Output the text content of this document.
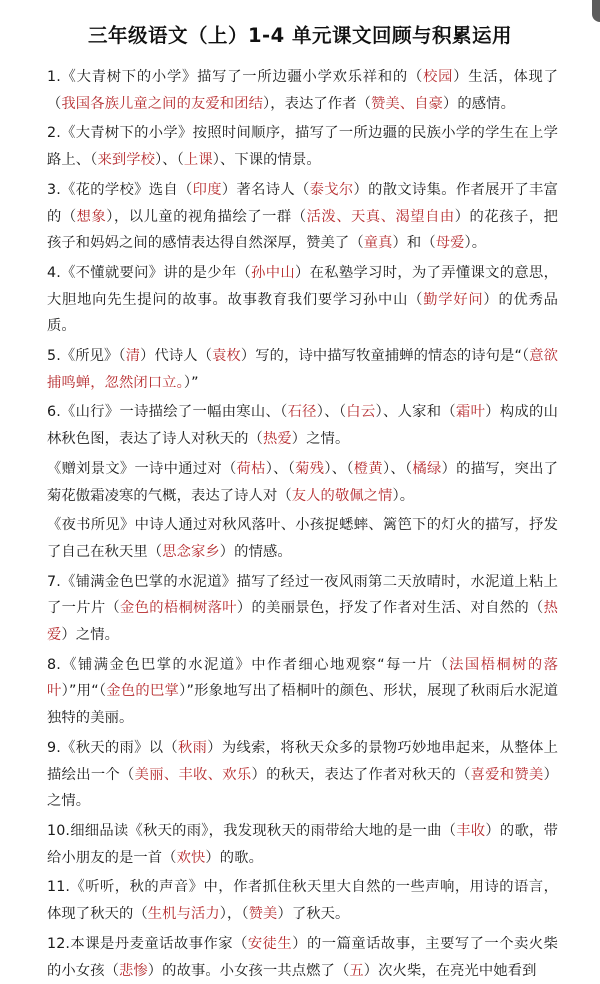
三年级语文（上）1-4 单元课文回顾与积累运用

1.《大青树下的小学》描写了一所边疆小学欢乐祥和的（校园）生活，体现了（我国各族儿童之间的友爱和团结），表达了作者（赞美、自豪）的感情。

2.《大青树下的小学》按照时间顺序，描写了一所边疆的民族小学的学生在上学路上、（来到学校）、（上课）、下课的情景。

3.《花的学校》选自（印度）著名诗人（泰戈尔）的散文诗集。作者展开了丰富的（想象），以儿童的视角描绘了一群（活泼、天真、渴望自由）的花孩子，把孩子和妈妈之间的感情表达得自然深厚，赞美了（童真）和（母爱）。

4.《不懂就要问》讲的是少年（孙中山）在私塾学习时，为了弄懂课文的意思，大胆地向先生提问的故事。故事教育我们要学习孙中山（勤学好问）的优秀品质。

5.《所见》（清）代诗人（袁枚）写的，诗中描写牧童捕蝉的情态的诗句是“（意欲捕鸣蝉，忽然闭口立。）”

6.《山行》一诗描绘了一幅由寒山、（石径）、（白云）、人家和（霜叶）构成的山林秋色图，表达了诗人对秋天的（热爱）之情。

《赠刘景文》一诗中通过对（荷枯）、（菊残）、（橙黄）、（橘绿）的描写，突出了菊花傲霜凌寒的气概，表达了诗人对（友人的敬佩之情）。

《夜书所见》中诗人通过对秋风落叶、小孩捉蟋蟀、篱笆下的灯火的描写，抒发了自己在秋天里（思念家乡）的情感。

7.《铺满金色巴掌的水泥道》描写了经过一夜风雨第二天放晴时，水泥道上粘上了一片片（金色的梧桐树落叶）的美丽景色，抒发了作者对生活、对自然的（热爱）之情。

8.《铺满金色巴掌的水泥道》中作者细心地观察“每一片（法国梧桐树的落叶）”用“（金色的巴掌）”形象地写出了梧桐叶的颜色、形状，展现了秋雨后水泥道独特的美丽。

9.《秋天的雨》以（秋雨）为线索，将秋天众多的景物巧妙地串起来，从整体上描绘出一个（美丽、丰收、欢乐）的秋天，表达了作者对秋天的（喜爱和赞美）之情。

10.细细品读《秋天的雨》，我发现秋天的雨带给大地的是一曲（丰收）的歌，带给小朋友的是一首（欢快）的歌。

11.《听听，秋的声音》中，作者抓住秋天里大自然的一些声响，用诗的语言，体现了秋天的（生机与活力），（赞美）了秋天。

12.本课是丹麦童话故事作家（安徒生）的一篇童话故事，主要写了一个卖火柴的小女孩（悲惨）的故事。小女孩一共点燃了（五）次火柴，在亮光中她看到
